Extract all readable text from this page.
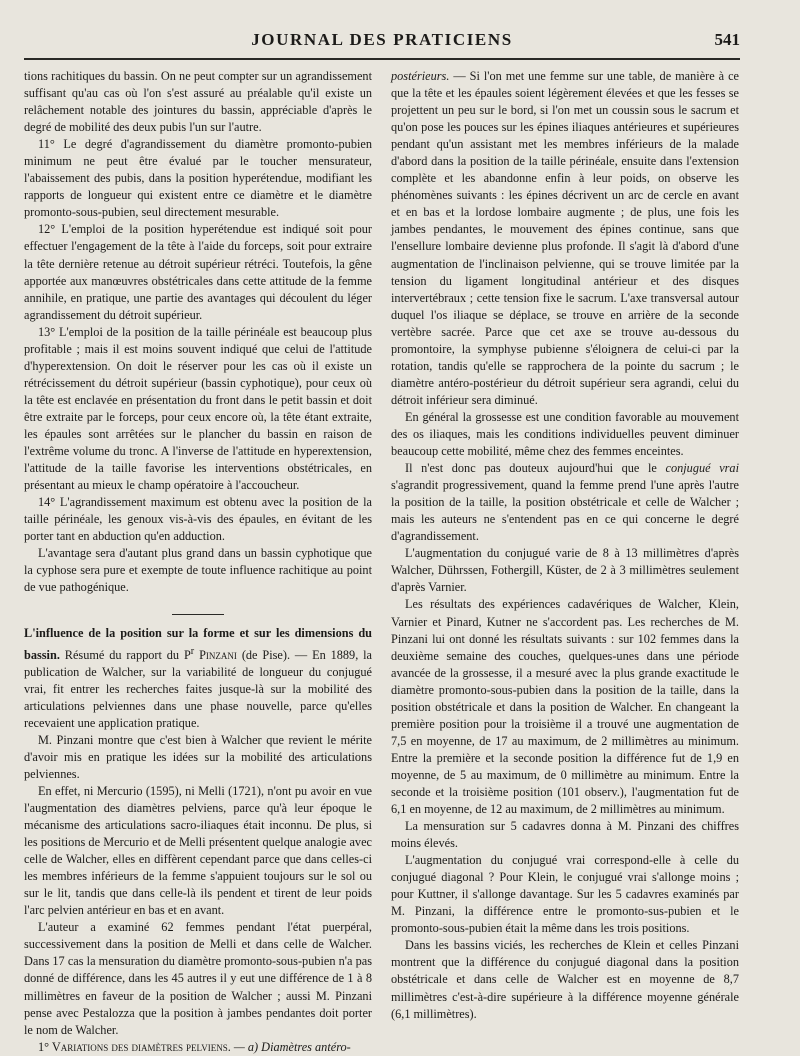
JOURNAL DES PRATICIENS	541

tions rachitiques du bassin. On ne peut compter sur un agrandissement suffisant qu'au cas où l'on s'est assuré au préalable qu'il existe un relâchement notable des jointures du bassin, appréciable d'après le degré de mobilité des deux pubis l'un sur l'autre.

11° Le degré d'agrandissement du diamètre promonto-pubien minimum ne peut être évalué par le toucher mensurateur, l'abaissement des pubis, dans la position hyperétendue, modifiant les rapports de longueur qui existent entre ce diamètre et le diamètre promonto-sous-pubien, seul directement mesurable.

12° L'emploi de la position hyperétendue est indiqué soit pour effectuer l'engagement de la tête à l'aide du forceps, soit pour extraire la tête dernière retenue au détroit supérieur rétréci. Toutefois, la gêne apportée aux manœuvres obstétricales dans cette attitude de la femme annihile, en pratique, une partie des avantages qui découlent du léger agrandissement du détroit supérieur.

13° L'emploi de la position de la taille périnéale est beaucoup plus profitable ; mais il est moins souvent indiqué que celui de l'attitude d'hyperextension. On doit le réserver pour les cas où il existe un rétrécissement du détroit supérieur (bassin cyphotique), pour ceux où la tête est enclavée en présentation du front dans le petit bassin et doit être extraite par le forceps, pour ceux encore où, la tête étant extraite, les épaules sont arrêtées sur le plancher du bassin en raison de l'extrême volume du tronc. A l'inverse de l'attitude en hyperextension, l'attitude de la taille favorise les interventions obstétricales, en présentant au mieux le champ opératoire à l'accoucheur.

14° L'agrandissement maximum est obtenu avec la position de la taille périnéale, les genoux vis-à-vis des épaules, en évitant de les porter tant en abduction qu'en adduction.

L'avantage sera d'autant plus grand dans un bassin cyphotique que la cyphose sera pure et exempte de toute influence rachitique au point de vue pathogénique.

L'influence de la position sur la forme et sur les dimensions du bassin. Résumé du rapport du $P^r$ Pinzani (de Pise). — En 1889, la publication de Walcher, sur la variabilité de longueur du conjugué vrai, fit entrer les recherches faites jusque-là sur la mobilité des articulations pelviennes dans une phase nouvelle, parce qu'elles recevaient une application pratique.

M. Pinzani montre que c'est bien à Walcher que revient le mérite d'avoir mis en pratique les idées sur la mobilité des articulations pelviennes.

En effet, ni Mercurio (1595), ni Melli (1721), n'ont pu avoir en vue l'augmentation des diamètres pelviens, parce qu'à leur époque le mécanisme des articulations sacro-iliaques était inconnu. De plus, si les positions de Mercurio et de Melli présentent quelque analogie avec celle de Walcher, elles en diffèrent cependant parce que dans celles-ci les membres inférieurs de la femme s'appuient toujours sur le sol ou sur le lit, tandis que dans celle-là ils pendent et tirent de leur poids l'arc pelvien antérieur en bas et en avant.

L'auteur a examiné 62 femmes pendant l'état puerpéral, successivement dans la position de Melli et dans celle de Walcher. Dans 17 cas la mensuration du diamètre promonto-sous-pubien n'a pas donné de différence, dans les 45 autres il y eut une différence de 1 à 8 millimètres en faveur de la position de Walcher ; aussi M. Pinzani pense avec Pestalozza que la position à jambes pendantes doit porter le nom de Walcher.

1° Variations des diamètres pelviens. — a) Diamètres antéro-

postérieurs. — Si l'on met une femme sur une table, de manière à ce que la tête et les épaules soient légèrement élevées et que les fesses se projettent un peu sur le bord, si l'on met un coussin sous le sacrum et qu'on pose les pouces sur les épines iliaques antérieures et supérieures pendant qu'un assistant met les membres inférieurs de la malade d'abord dans la position de la taille périnéale, ensuite dans l'extension complète et les abandonne enfin à leur poids, on observe les phénomènes suivants : les épines décrivent un arc de cercle en avant et en bas et la lordose lombaire augmente ; de plus, une fois les jambes pendantes, le mouvement des épines continue, sans que l'ensellure lombaire devienne plus profonde. Il s'agit là d'abord d'une augmentation de l'inclinaison pelvienne, qui se trouve limitée par la tension du ligament longitudinal antérieur et des disques intervertébraux ; cette tension fixe le sacrum. L'axe transversal autour duquel l'os iliaque se déplace, se trouve en arrière de la seconde vertèbre sacrée. Parce que cet axe se trouve au-dessous du promontoire, la symphyse pubienne s'éloignera de celui-ci par la rotation, tandis qu'elle se rapprochera de la pointe du sacrum ; le diamètre antéro-postérieur du détroit supérieur sera agrandi, celui du détroit inférieur sera diminué.

En général la grossesse est une condition favorable au mouvement des os iliaques, mais les conditions individuelles peuvent diminuer beaucoup cette mobilité, même chez des femmes enceintes.

Il n'est donc pas douteux aujourd'hui que le conjugué vrai s'agrandit progressivement, quand la femme prend l'une après l'autre la position de la taille, la position obstétricale et celle de Walcher ; mais les auteurs ne s'entendent pas en ce qui concerne le degré d'agrandissement.

L'augmentation du conjugué varie de 8 à 13 millimètres d'après Walcher, Dührssen, Fothergill, Küster, de 2 à 3 millimètres seulement d'après Varnier.

Les résultats des expériences cadavériques de Walcher, Klein, Varnier et Pinard, Kutner ne s'accordent pas. Les recherches de M. Pinzani lui ont donné les résultats suivants : sur 102 femmes dans la deuxième semaine des couches, quelques-unes dans une période avancée de la grossesse, il a mesuré avec la plus grande exactitude le diamètre promonto-sous-pubien dans la position de la taille, dans la position obstétricale et dans la position de Walcher. En changeant la première position pour la troisième il a trouvé une augmentation de 7,5 en moyenne, de 17 au maximum, de 2 millimètres au minimum. Entre la première et la seconde position la différence fut de 1,9 en moyenne, de 5 au maximum, de 0 millimètre au minimum. Entre la seconde et la troisième position (101 observ.), l'augmentation fut de 6,1 en moyenne, de 12 au maximum, de 2 millimètres au minimum.

La mensuration sur 5 cadavres donna à M. Pinzani des chiffres moins élevés.

L'augmentation du conjugué vrai correspond-elle à celle du conjugué diagonal ? Pour Klein, le conjugué vrai s'allonge moins ; pour Kuttner, il s'allonge davantage. Sur les 5 cadavres examinés par M. Pinzani, la différence entre le promonto-sus-pubien et le promonto-sous-pubien était la même dans les trois positions.

Dans les bassins viciés, les recherches de Klein et celles Pinzani montrent que la différence du conjugué diagonal dans la position obstétricale et dans celle de Walcher est en moyenne de 8,7 millimètres c'est-à-dire supérieure à la différence moyenne générale (6,1 millimètres).
